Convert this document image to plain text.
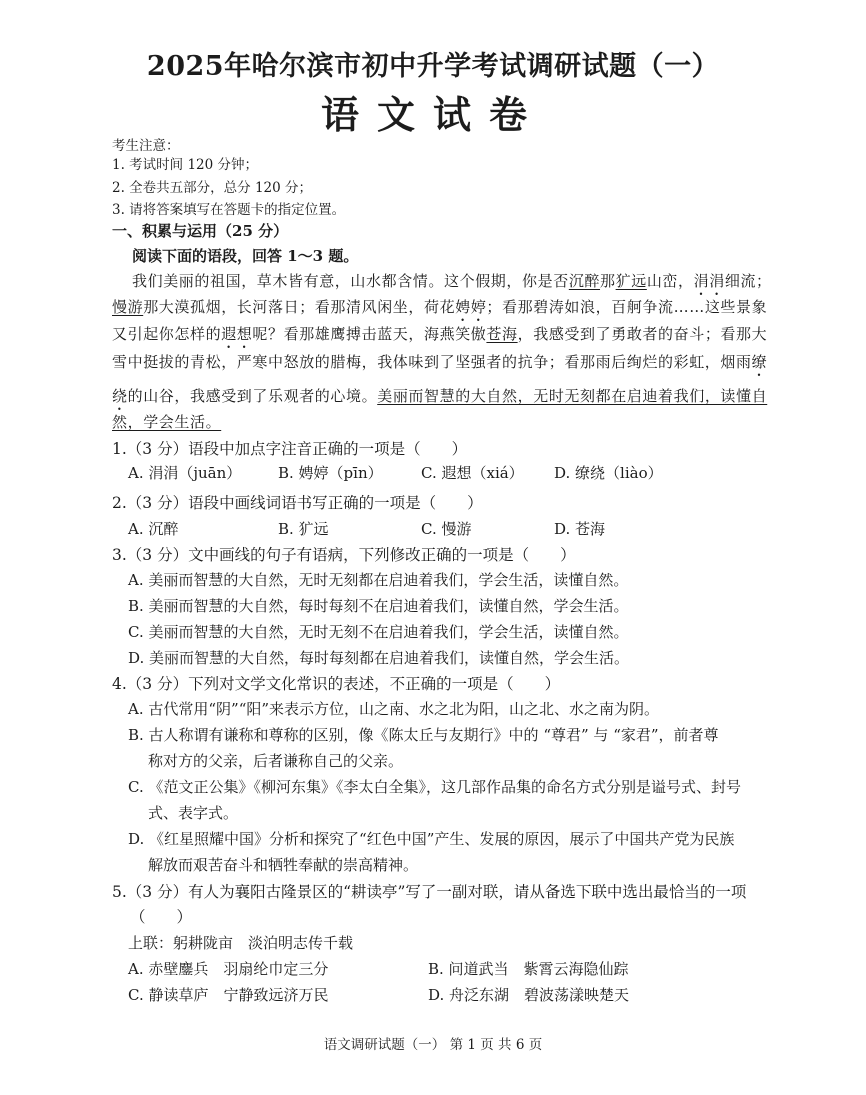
2025年哈尔滨市初中升学考试调研试题（一）
语文试卷
考生注意：
1. 考试时间 120 分钟；
2. 全卷共五部分，总分 120 分；
3. 请将答案填写在答题卡的指定位置。
一、积累与运用（25 分）
阅读下面的语段，回答 1～3 题。
我们美丽的祖国，草木皆有意，山水都含情。这个假期，你是否沉醉那犷远山峦，涓涓细流；
慢游那大漠孤烟，长河落日；看那清风闲坐，荷花娉婷；看那碧涛如浪，百舸争流……这些景象
又引起你怎样的遐想呢？看那雄鹰搏击蓝天，海燕笑傲苍海，我感受到了勇敢者的奋斗；看那大
雪中挺拔的青松，严寒中怒放的腊梅，我体味到了坚强者的抗争；看那雨后绚烂的彩虹，烟雨缭
绕的山谷，我感受到了乐观者的心境。美丽而智慧的大自然，无时无刻都在启迪着我们，读懂自
然，学会生活。
1.（3 分）语段中加点字注音正确的一项是（　　）
A. 涓涓（juān） B. 娉婷（pīn）	C. 遐想（xiá） D. 缭绕（liào）
2.（3 分）语段中画线词语书写正确的一项是（　　）
A. 沉醉	B. 犷远	C. 慢游	D. 苍海
3.（3 分）文中画线的句子有语病，下列修改正确的一项是（　　）
A. 美丽而智慧的大自然，无时无刻都在启迪着我们，学会生活，读懂自然。
B. 美丽而智慧的大自然，每时每刻不在启迪着我们，读懂自然，学会生活。
C. 美丽而智慧的大自然，无时无刻不在启迪着我们，学会生活，读懂自然。
D. 美丽而智慧的大自然，每时每刻都在启迪着我们，读懂自然，学会生活。
4.（3 分）下列对文学文化常识的表述，不正确的一项是（　　）
A. 古代常用“阴”“阳”来表示方位，山之南、水之北为阳，山之北、水之南为阴。
B. 古人称谓有谦称和尊称的区别，像《陈太丘与友期行》中的 “尊君” 与 “家君”，前者尊
称对方的父亲，后者谦称自己的父亲。
C. 《范文正公集》《柳河东集》《李太白全集》，这几部作品集的命名方式分别是谥号式、封号
式、表字式。
D. 《红星照耀中国》分析和探究了“红色中国”产生、发展的原因，展示了中国共产党为民族
解放而艰苦奋斗和牺牲奉献的崇高精神。
5.（3 分）有人为襄阳古隆景区的“耕读亭”写了一副对联，请从备选下联中选出最恰当的一项
（　　）
上联：躬耕陇亩　淡泊明志传千载
A. 赤壁鏖兵　羽扇纶巾定三分	B. 问道武当　紫霄云海隐仙踪
C. 静读草庐　宁静致远济万民	D. 舟泛东湖　碧波荡漾映楚天
语文调研试题（一） 第 1 页 共 6 页
